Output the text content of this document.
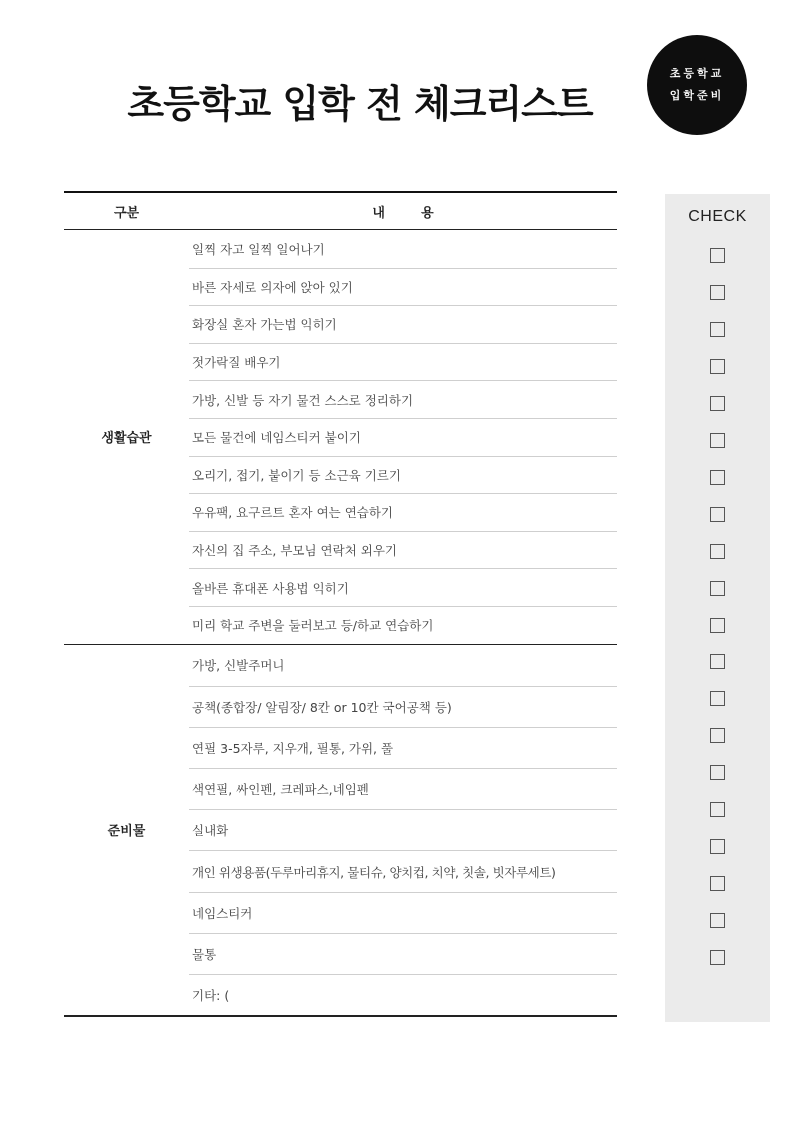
초등학교 입학 전 체크리스트
초등학교
입학준비
구분	내        용
생활습관
일찍 자고 일찍 일어나기
바른 자세로 의자에 앉아 있기
화장실 혼자 가는법 익히기
젓가락질 배우기
가방, 신발 등 자기 물건 스스로 정리하기
모든 물건에 네임스티커 붙이기
오리기, 접기, 붙이기 등 소근육 기르기
우유팩, 요구르트 혼자 여는 연습하기
자신의 집 주소, 부모님 연락처 외우기
올바른 휴대폰 사용법 익히기
미리 학교 주변을 둘러보고 등/하교 연습하기
준비물
가방, 신발주머니
공책(종합장/ 알림장/ 8칸 or 10칸 국어공책 등)
연필 3-5자루, 지우개, 필통, 가위, 풀
색연필, 싸인펜, 크레파스,네임펜
실내화
개인 위생용품(두루마리휴지, 물티슈, 양치컵, 치약, 칫솔, 빗자루세트)
네임스티커
물통
기타: (
CHECK
